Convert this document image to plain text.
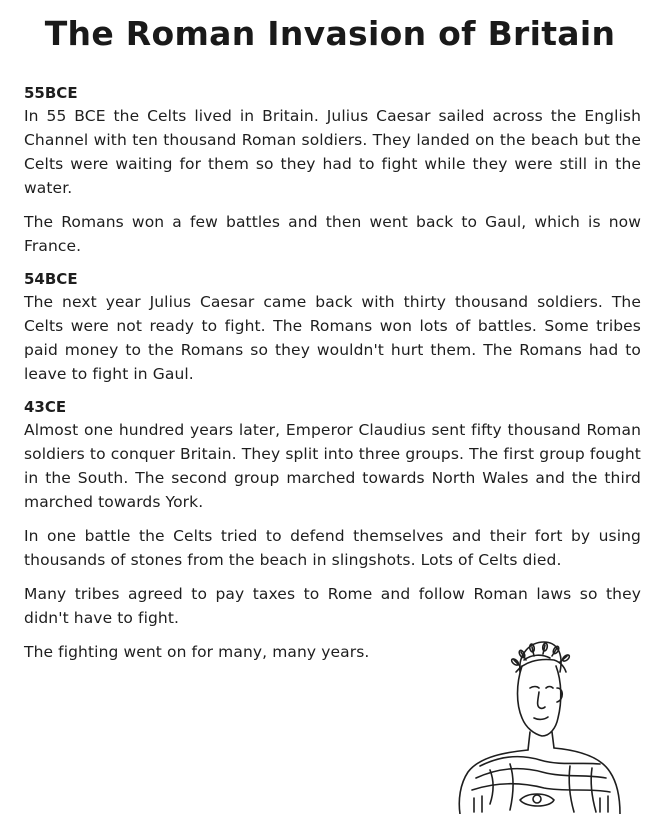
The Roman Invasion of Britain
55BCE

In 55 BCE the Celts lived in Britain. Julius Caesar sailed across the English Channel with ten thousand Roman soldiers. They landed on the beach but the Celts were waiting for them so they had to fight while they were still in the water.

The Romans won a few battles and then went back to Gaul, which is now France.

54BCE

The next year Julius Caesar came back with thirty thousand soldiers. The Celts were not ready to fight. The Romans won lots of battles. Some tribes paid money to the Romans so they wouldn't hurt them. The Romans had to leave to fight in Gaul.

43CE

Almost one hundred years later, Emperor Claudius sent fifty thousand Roman soldiers to conquer Britain. They split into three groups. The first group fought in the South. The second group marched towards North Wales and the third marched towards York.

In one battle the Celts tried to defend themselves and their fort by using thousands of stones from the beach in slingshots. Lots of Celts died.

Many tribes agreed to pay taxes to Rome and follow Roman laws so they didn't have to fight.

The fighting went on for many, many years.
